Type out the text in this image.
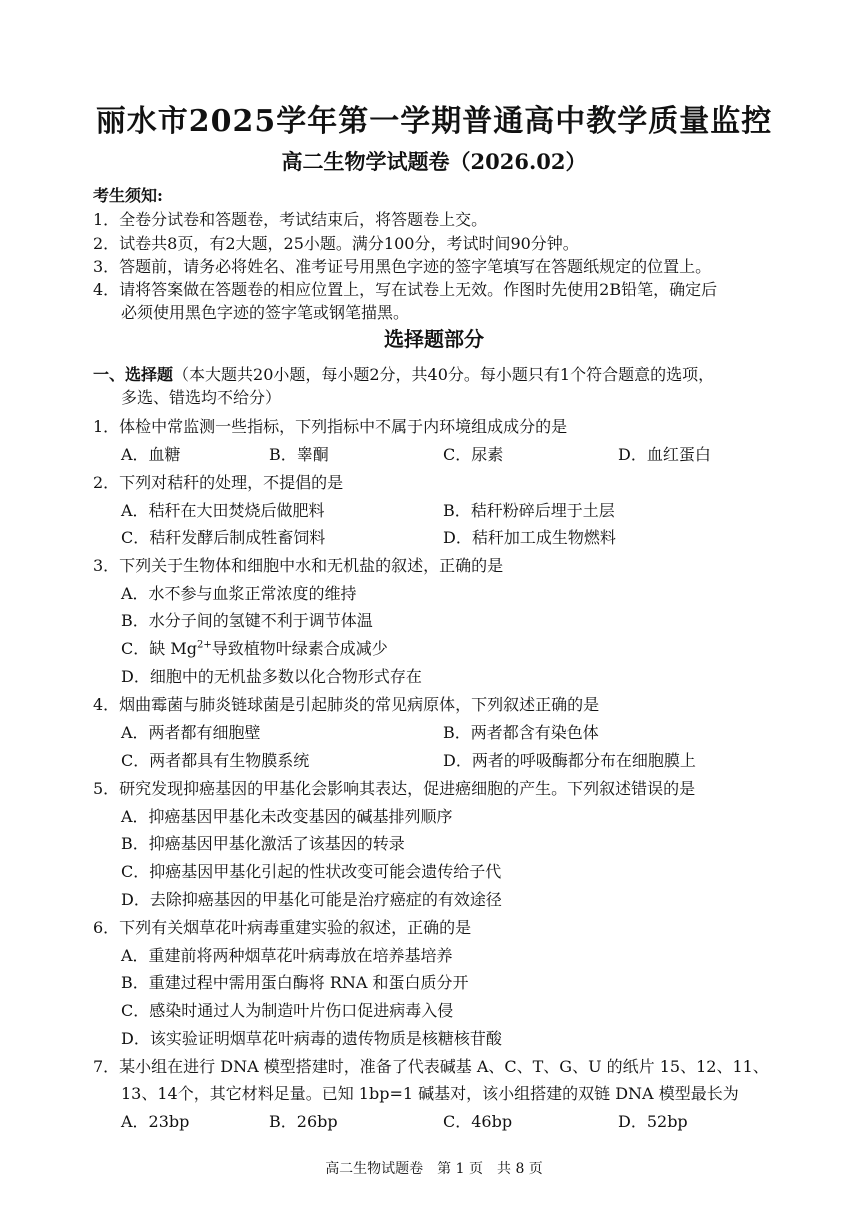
丽水市2025学年第一学期普通高中教学质量监控
高二生物学试题卷（2026.02）
考生须知:
1．全卷分试卷和答题卷，考试结束后，将答题卷上交。
2．试卷共8页，有2大题，25小题。满分100分，考试时间90分钟。
3．答题前，请务必将姓名、准考证号用黑色字迹的签字笔填写在答题纸规定的位置上。
4．请将答案做在答题卷的相应位置上，写在试卷上无效。作图时先使用2B铅笔，确定后
必须使用黑色字迹的签字笔或钢笔描黑。
选择题部分
一、选择题（本大题共20小题，每小题2分，共40分。每小题只有1个符合题意的选项，
多选、错选均不给分）
1．体检中常监测一些指标，下列指标中不属于内环境组成成分的是
A．血糖	B．睾酮	C．尿素	D．血红蛋白
2．下列对秸秆的处理，不提倡的是
A．秸秆在大田焚烧后做肥料	B．秸秆粉碎后埋于土层
C．秸秆发酵后制成牲畜饲料	D．秸秆加工成生物燃料
3．下列关于生物体和细胞中水和无机盐的叙述，正确的是
A．水不参与血浆正常浓度的维持
B．水分子间的氢键不利于调节体温
C．缺 $Mg^{2+}$导致植物叶绿素合成减少
D．细胞中的无机盐多数以化合物形式存在
4．烟曲霉菌与肺炎链球菌是引起肺炎的常见病原体，下列叙述正确的是
A．两者都有细胞壁	B．两者都含有染色体
C．两者都具有生物膜系统	D．两者的呼吸酶都分布在细胞膜上
5．研究发现抑癌基因的甲基化会影响其表达，促进癌细胞的产生。下列叙述错误的是
A．抑癌基因甲基化未改变基因的碱基排列顺序
B．抑癌基因甲基化激活了该基因的转录
C．抑癌基因甲基化引起的性状改变可能会遗传给子代
D．去除抑癌基因的甲基化可能是治疗癌症的有效途径
6．下列有关烟草花叶病毒重建实验的叙述，正确的是
A．重建前将两种烟草花叶病毒放在培养基培养
B．重建过程中需用蛋白酶将 RNA 和蛋白质分开
C．感染时通过人为制造叶片伤口促进病毒入侵
D．该实验证明烟草花叶病毒的遗传物质是核糖核苷酸
7．某小组在进行 DNA 模型搭建时，准备了代表碱基 A、C、T、G、U 的纸片 15、12、11、
13、14个，其它材料足量。已知 1bp=1 碱基对，该小组搭建的双链 DNA 模型最长为
A．23bp	B．26bp	C．46bp	D．52bp
高二生物试题卷　第 1 页　共 8 页
